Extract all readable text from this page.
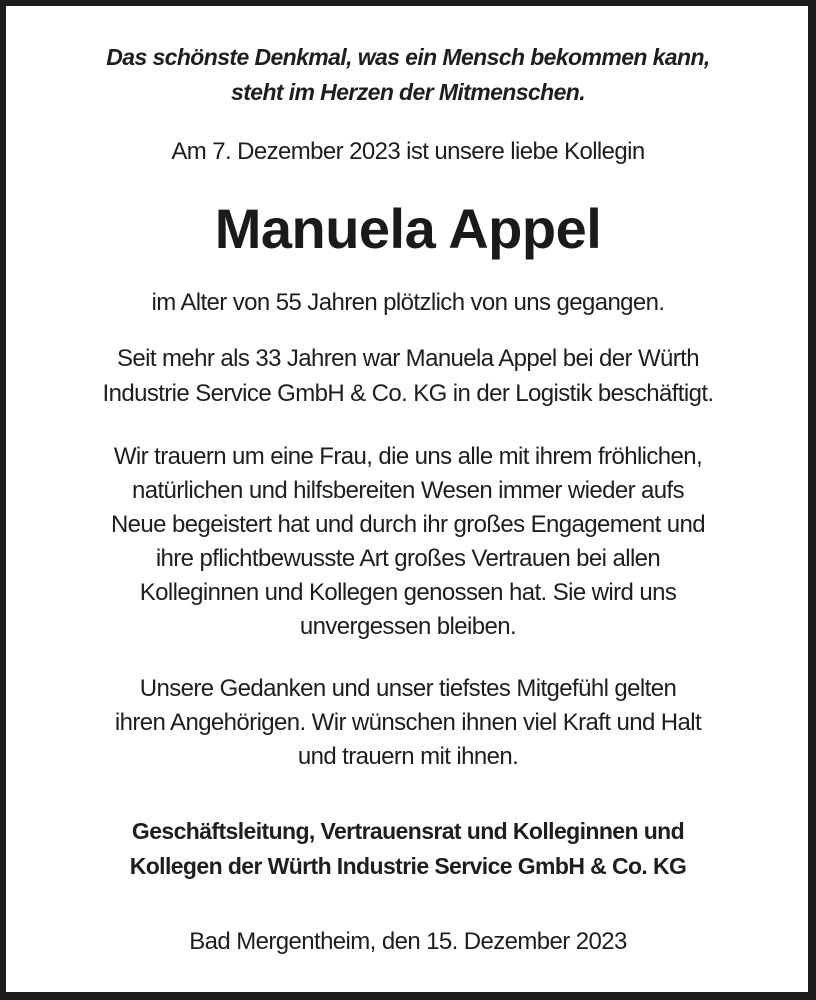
Das schönste Denkmal, was ein Mensch bekommen kann,
steht im Herzen der Mitmenschen.
Am 7. Dezember 2023 ist unsere liebe Kollegin
Manuela Appel
im Alter von 55 Jahren plötzlich von uns gegangen.
Seit mehr als 33 Jahren war Manuela Appel bei der Würth
Industrie Service GmbH & Co. KG in der Logistik beschäftigt.
Wir trauern um eine Frau, die uns alle mit ihrem fröhlichen,
natürlichen und hilfsbereiten Wesen immer wieder aufs
Neue begeistert hat und durch ihr großes Engagement und
ihre pflichtbewusste Art großes Vertrauen bei allen
Kolleginnen und Kollegen genossen hat. Sie wird uns
unvergessen bleiben.
Unsere Gedanken und unser tiefstes Mitgefühl gelten
ihren Angehörigen. Wir wünschen ihnen viel Kraft und Halt
und trauern mit ihnen.
Geschäftsleitung, Vertrauensrat und Kolleginnen und
Kollegen der Würth Industrie Service GmbH & Co. KG
Bad Mergentheim, den 15. Dezember 2023
